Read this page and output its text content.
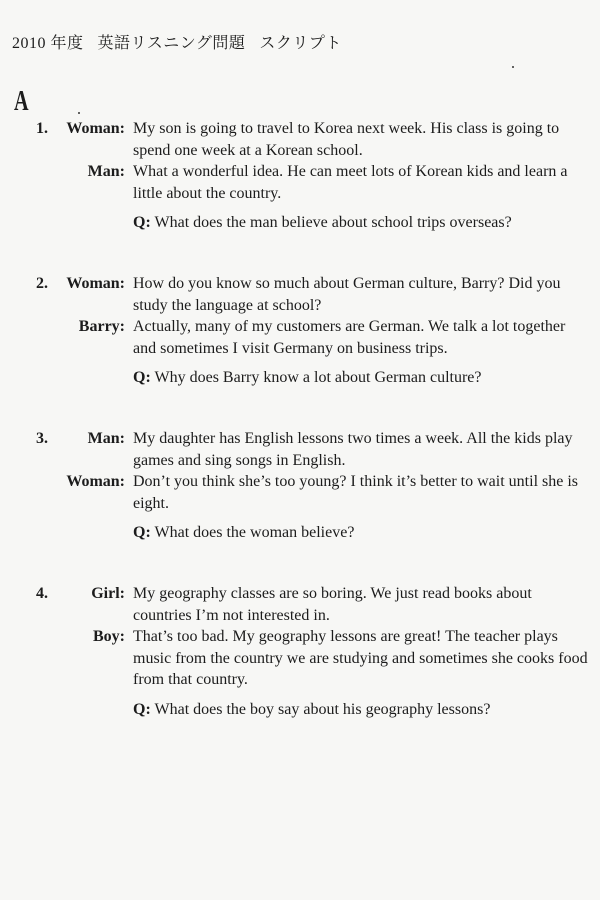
2010 年度 英語リスニング問題 スクリプト
A
1.	Woman: My son is going to travel to Korea next week. His class is going to spend one week at a Korean school.
Man: What a wonderful idea. He can meet lots of Korean kids and learn a little about the country.
Q: What does the man believe about school trips overseas?
2.	Woman: How do you know so much about German culture, Barry? Did you study the language at school?
Barry: Actually, many of my customers are German. We talk a lot together and sometimes I visit Germany on business trips.
Q: Why does Barry know a lot about German culture?
3.	Man: My daughter has English lessons two times a week. All the kids play games and sing songs in English.
Woman: Don’t you think she’s too young? I think it’s better to wait until she is eight.
Q: What does the woman believe?
4.	Girl: My geography classes are so boring. We just read books about countries I’m not interested in.
Boy: That’s too bad. My geography lessons are great! The teacher plays music from the country we are studying and sometimes she cooks food from that country.
Q: What does the boy say about his geography lessons?
